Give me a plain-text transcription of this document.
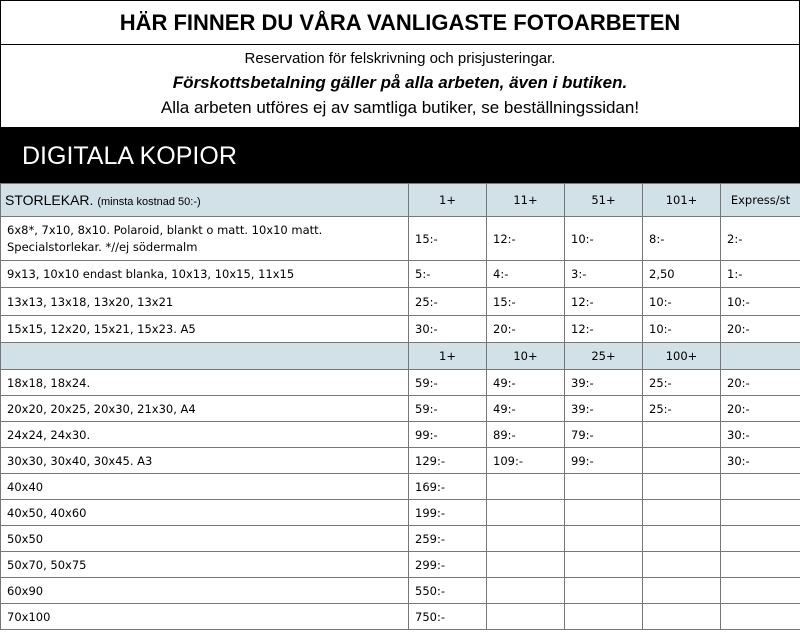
HÄR FINNER DU VÅRA VANLIGASTE FOTOARBETEN
Reservation för felskrivning och prisjusteringar.
Förskottsbetalning gäller på alla arbeten, även i butiken.
Alla arbeten utföres ej av samtliga butiker, se beställningssidan!
DIGITALA KOPIOR
STORLEKAR. (minsta kostnad 50:-)	1+	11+	51+	101+	Express/st
6x8*, 7x10, 8x10. Polaroid, blankt o matt. 10x10 matt. Specialstorlekar. *//ej södermalm	15:-	12:-	10:-	8:-	2:-
9x13, 10x10 endast blanka, 10x13, 10x15, 11x15	5:-	4:-	3:-	2,50	1:-
13x13, 13x18, 13x20, 13x21	25:-	15:-	12:-	10:-	10:-
15x15, 12x20, 15x21, 15x23. A5	30:-	20:-	12:-	10:-	20:-
	1+	10+	25+	100+	
18x18, 18x24.	59:-	49:-	39:-	25:-	20:-
20x20, 20x25, 20x30, 21x30, A4	59:-	49:-	39:-	25:-	20:-
24x24, 24x30.	99:-	89:-	79:-		30:-
30x30, 30x40, 30x45. A3	129:-	109:-	99:-		30:-
40x40	169:-				
40x50, 40x60	199:-				
50x50	259:-				
50x70, 50x75	299:-				
60x90	550:-				
70x100	750:-				
